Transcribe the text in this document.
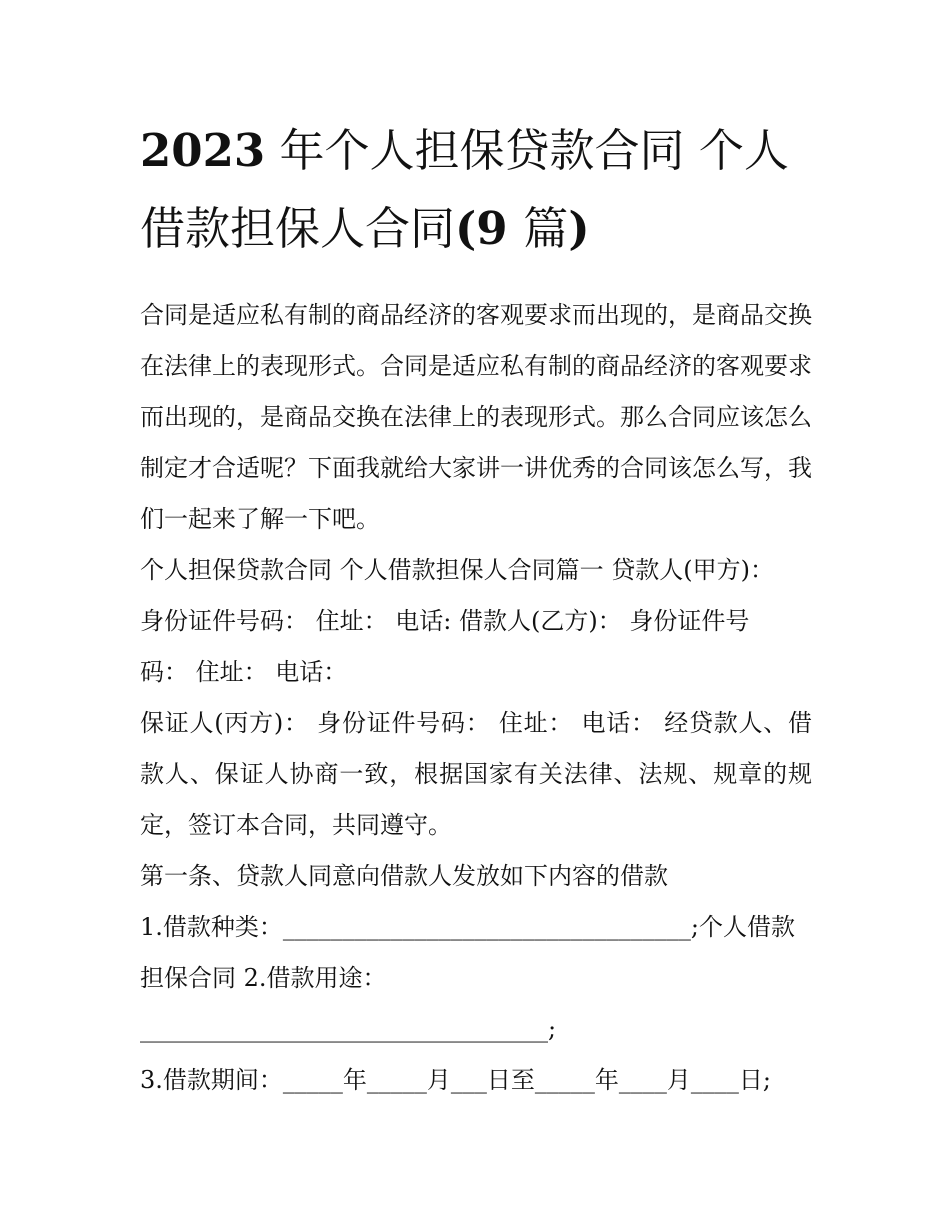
2023 年个人担保贷款合同 个人借款担保人合同(9 篇)

合同是适应私有制的商品经济的客观要求而出现的，是商品交换在法律上的表现形式。合同是适应私有制的商品经济的客观要求而出现的，是商品交换在法律上的表现形式。那么合同应该怎么制定才合适呢？下面我就给大家讲一讲优秀的合同该怎么写，我们一起来了解一下吧。

个人担保贷款合同 个人借款担保人合同篇一 贷款人(甲方)：
身份证件号码： 住址： 电话: 借款人(乙方)： 身份证件号
码： 住址： 电话：

保证人(丙方)： 身份证件号码： 住址： 电话： 经贷款人、借款人、保证人协商一致，根据国家有关法律、法规、规章的规定，签订本合同，共同遵守。

第一条、贷款人同意向借款人发放如下内容的借款

1.借款种类：__________________________________;个人借款
担保合同 2.借款用途：
__________________________________;

3.借款期间：_____年_____月___日至_____年____月____日;
